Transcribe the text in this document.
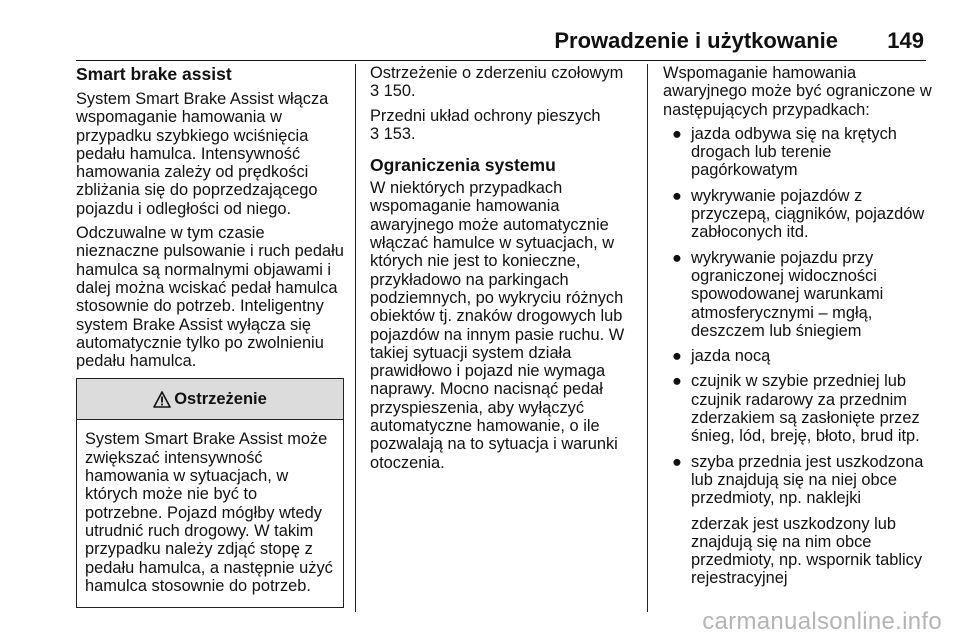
Prowadzenie i użytkowanie 149
Smart brake assist

System Smart Brake Assist włącza wspomaganie hamowania w przypadku szybkiego wciśnięcia pedału hamulca. Intensywność hamowania zależy od prędkości zbliżania się do poprzedzającego pojazdu i odległości od niego.

Odczuwalne w tym czasie nieznaczne pulsowanie i ruch pedału hamulca są normalnymi objawami i dalej można wciskać pedał hamulca stosownie do potrzeb. Inteligentny system Brake Assist wyłącza się automatycznie tylko po zwolnieniu pedału hamulca.

Ostrzeżenie
System Smart Brake Assist może zwiększać intensywność hamowania w sytuacjach, w których może nie być to potrzebne. Pojazd mógłby wtedy utrudnić ruch drogowy. W takim przypadku należy zdjąć stopę z pedału hamulca, a następnie użyć hamulca stosownie do potrzeb.

Ostrzeżenie o zderzeniu czołowym
3 150.

Przedni układ ochrony pieszych
3 153.

Ograniczenia systemu

W niektórych przypadkach wspomaganie hamowania awaryjnego może automatycznie włączać hamulce w sytuacjach, w których nie jest to konieczne, przykładowo na parkingach podziemnych, po wykryciu różnych obiektów tj. znaków drogowych lub pojazdów na innym pasie ruchu. W takiej sytuacji system działa prawidłowo i pojazd nie wymaga naprawy. Mocno nacisnąć pedał przyspieszenia, aby wyłączyć automatyczne hamowanie, o ile pozwalają na to sytuacja i warunki otoczenia.

Wspomaganie hamowania awaryjnego może być ograniczone w następujących przypadkach:

● jazda odbywa się na krętych drogach lub terenie pagórkowatym
● wykrywanie pojazdów z przyczepą, ciągników, pojazdów zabłoconych itd.
● wykrywanie pojazdu przy ograniczonej widoczności spowodowanej warunkami atmosferycznymi – mgłą, deszczem lub śniegiem
● jazda nocą
● czujnik w szybie przedniej lub czujnik radarowy za przednim zderzakiem są zasłonięte przez śnieg, lód, breję, błoto, brud itp.
● szyba przednia jest uszkodzona lub znajdują się na niej obce przedmioty, np. naklejki
zderzak jest uszkodzony lub znajdują się na nim obce przedmioty, np. wspornik tablicy rejestracyjnej
carmanualsonline.info
